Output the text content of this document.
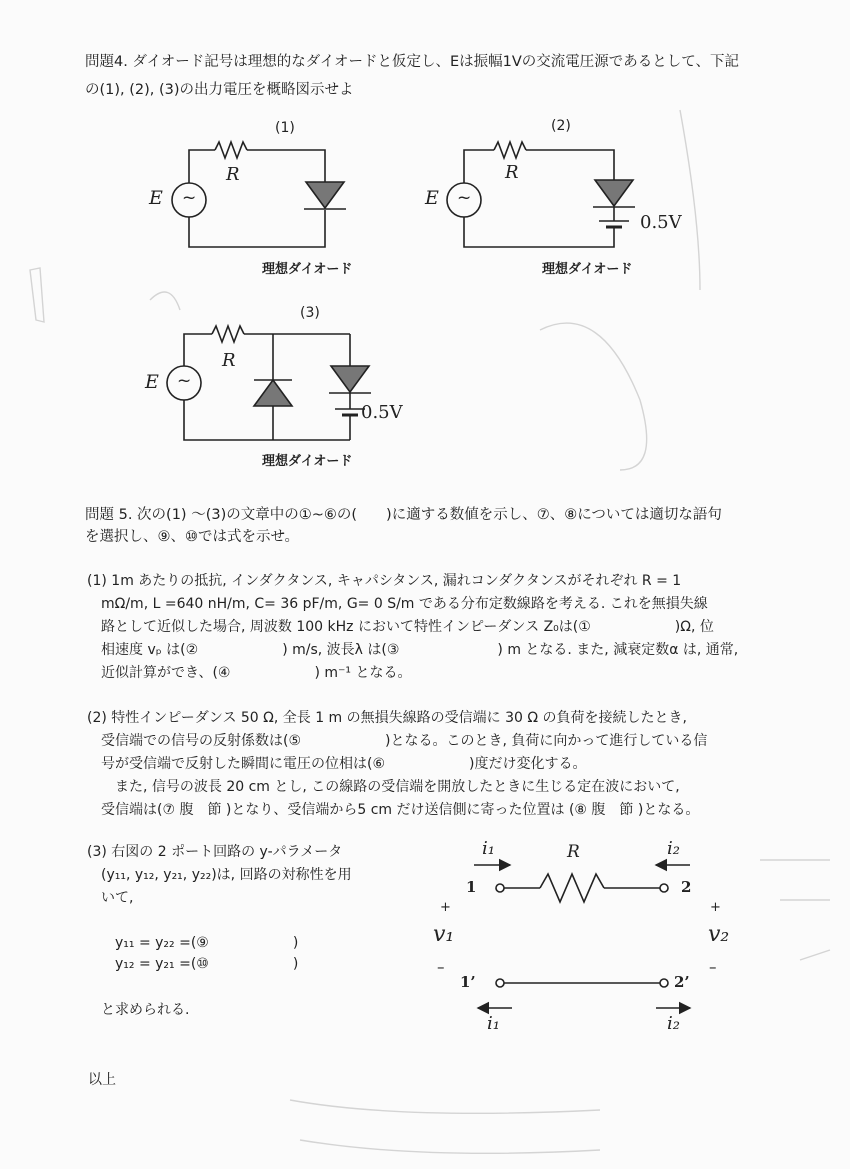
問題4. ダイオード記号は理想的なダイオードと仮定し、Eは振幅1Vの交流電圧源であるとして、下記
の(1), (2), (3)の出力電圧を概略図示せよ
(1)	(2)
(3)
R	R
R
E	E
E
~	~
~
0.5V
0.5V
理想ダイオード	理想ダイオード
理想ダイオード
問題 5. 次の(1) 〜(3)の文章中の①~⑥の(　　)に適する数値を示し、⑦、⑧については適切な語句
を選択し、⑨、⑩では式を示せ。
(1) 1m あたりの抵抗, インダクタンス, キャパシタンス, 漏れコンダクタンスがそれぞれ R = 1
mΩ/m, L =640 nH/m, C= 36 pF/m, G= 0 S/m である分布定数線路を考える. これを無損失線
路として近似した場合, 周波数 100 kHz において特性インピーダンス Z₀は(①　　　　　　)Ω, 位
相速度 vₚ は(②　　　　　　) m/s, 波長λ は(③　　　　　　　) m となる. また, 減衰定数α は, 通常,
近似計算ができ、(④　　　　　　) m⁻¹ となる。
(2) 特性インピーダンス 50 Ω, 全長 1 m の無損失線路の受信端に 30 Ω の負荷を接続したとき,
受信端での信号の反射係数は(⑤　　　　　　)となる。このとき, 負荷に向かって進行している信
号が受信端で反射した瞬間に電圧の位相は(⑥　　　　　　)度だけ変化する。
また, 信号の波長 20 cm とし, この線路の受信端を開放したときに生じる定在波において,
受信端は(⑦ 腹　節 )となり、受信端から5 cm だけ送信側に寄った位置は (⑧ 腹　節 )となる。
(3) 右図の 2 ポート回路の y-パラメータ
(y₁₁, y₁₂, y₂₁, y₂₂)は, 回路の対称性を用
いて,
y₁₁ = y₂₂ =(⑨　　　　　　)
y₁₂ = y₂₁ =(⑩　　　　　　)
と求められる.
以上
i₁	i₂
R
1	2
1’	2’
+	+
v₁	v₂
–	–
i₁	i₂
